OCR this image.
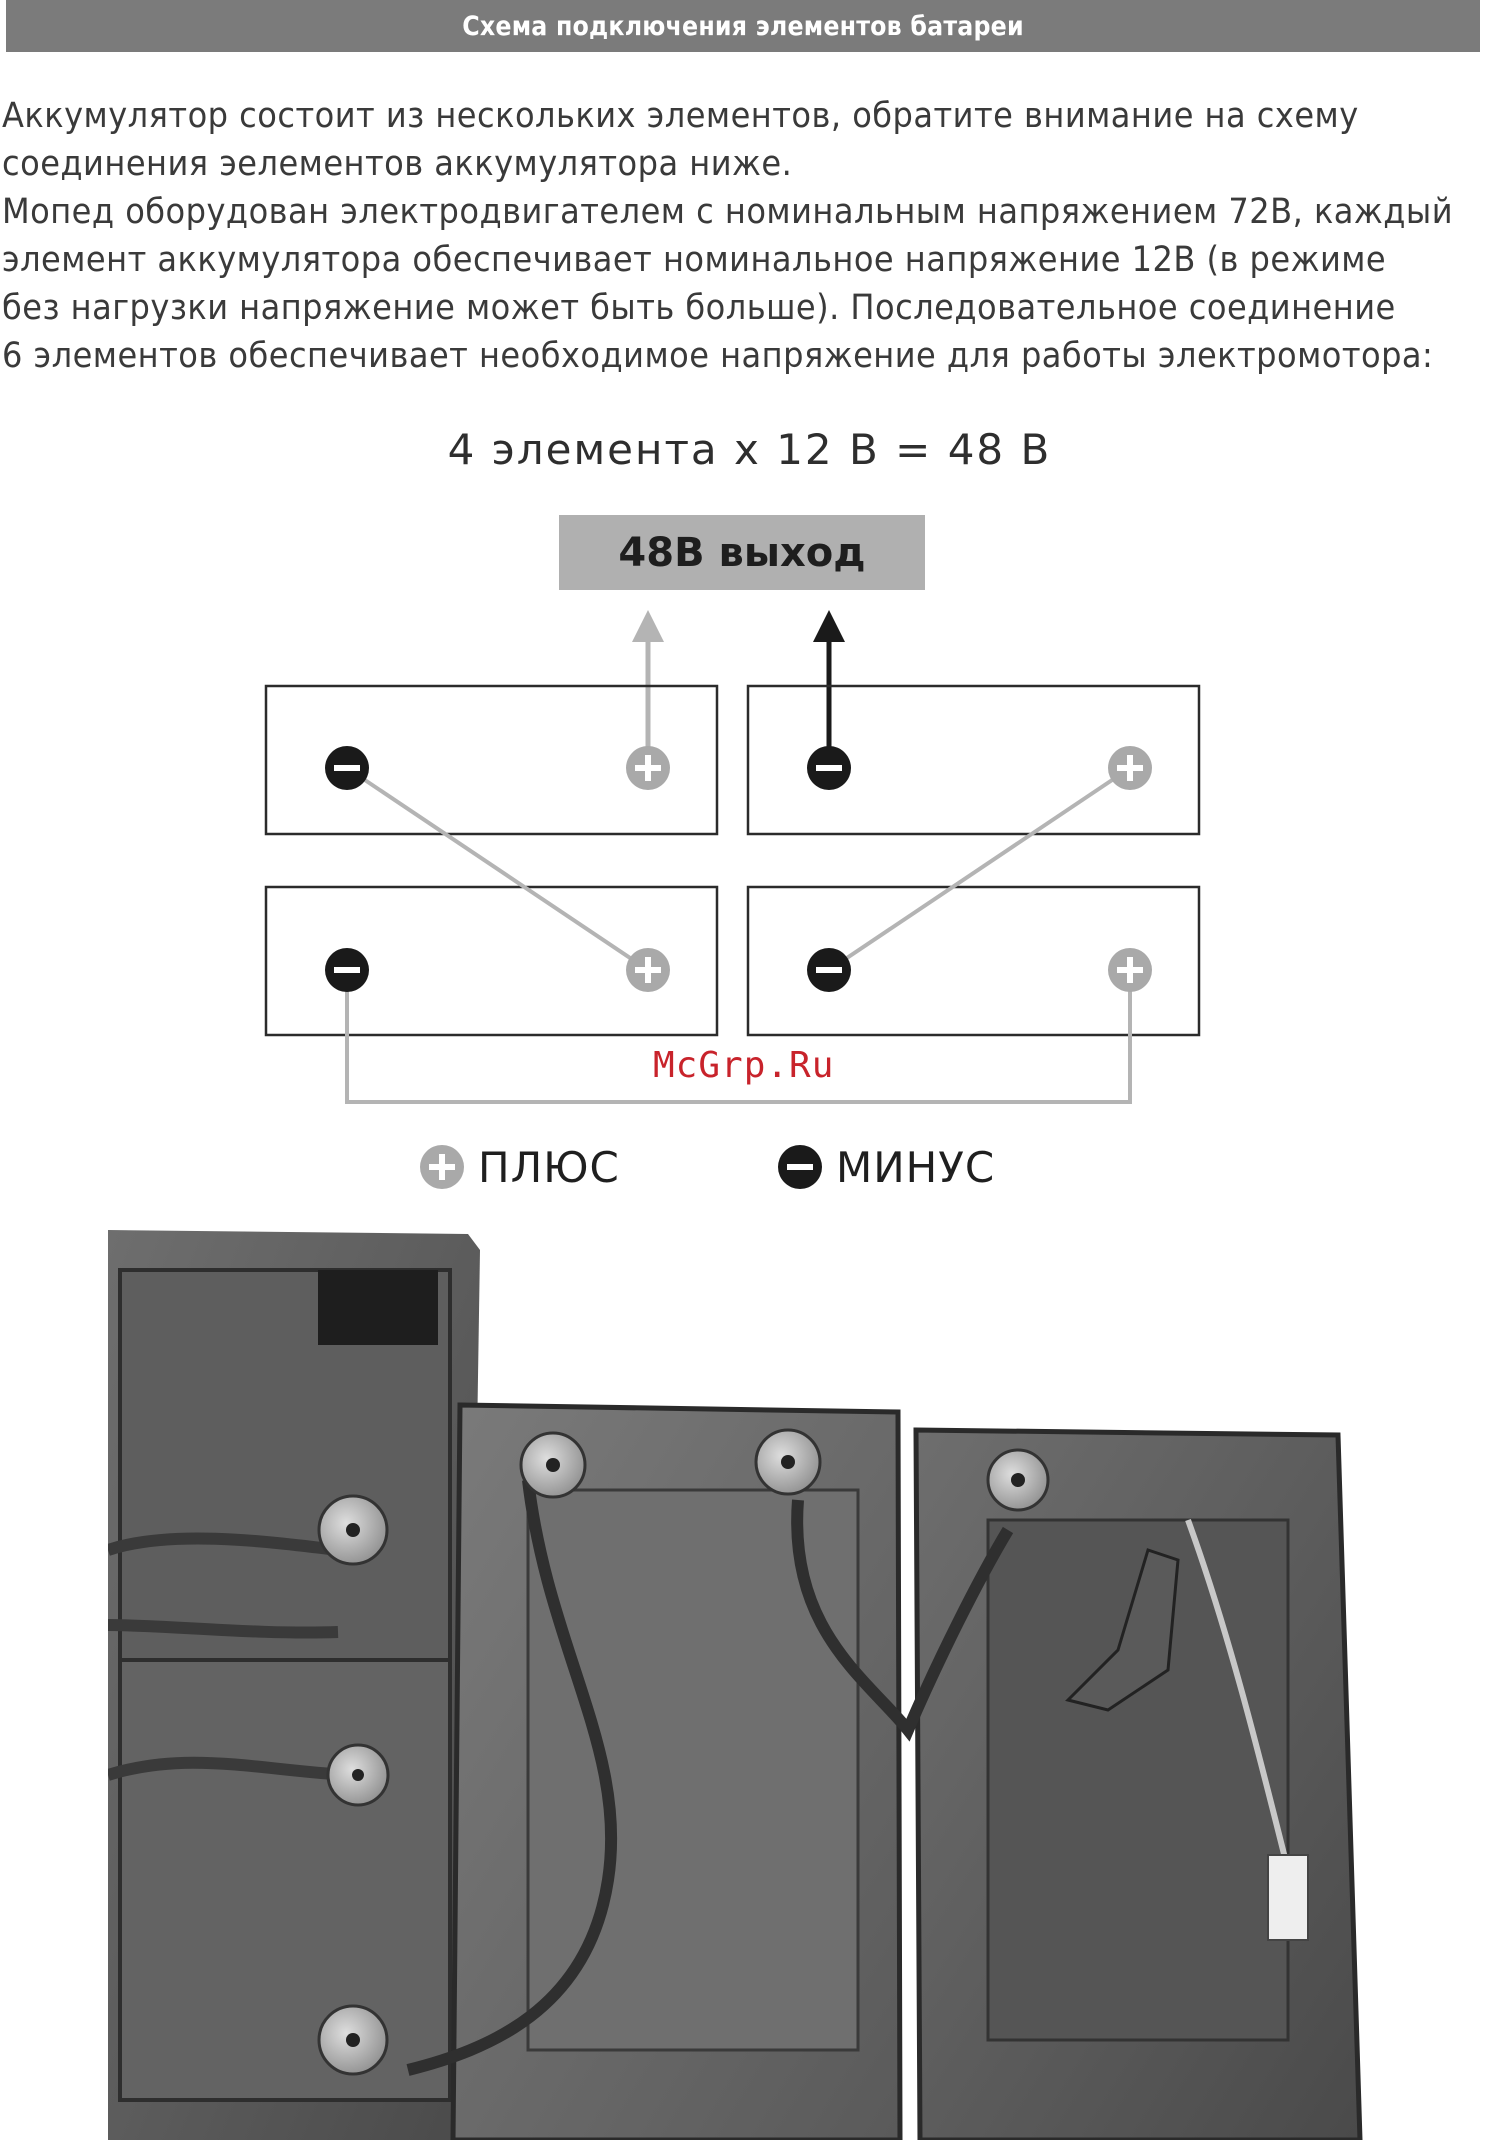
Схема подключения элементов батареи
Аккумулятор состоит из нескольких элементов, обратите внимание на схему
соединения эелементов аккумулятора ниже.
Мопед оборудован электродвигателем с номинальным напряжением 72В, каждый
элемент аккумулятора обеспечивает номинальное напряжение 12В (в режиме
без нагрузки напряжение может быть больше). Последовательное соединение
6 элементов обеспечивает необходимое напряжение для работы электромотора:
4 элемента х 12 В = 48 В
48В выход
McGrp.Ru
ПЛЮС	МИНУС
